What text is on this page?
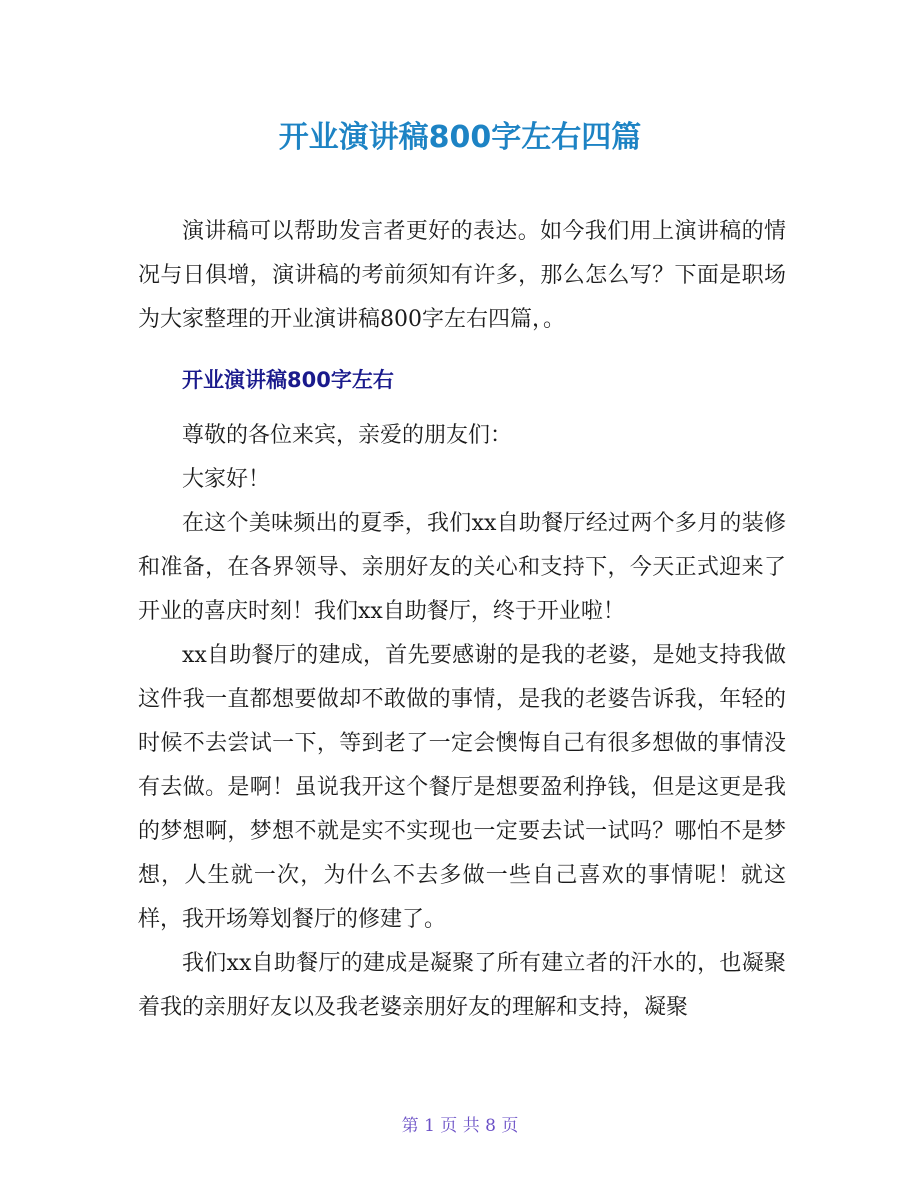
开业演讲稿800字左右四篇

演讲稿可以帮助发言者更好的表达。如今我们用上演讲稿的情况与日俱增，演讲稿的考前须知有许多，那么怎么写？下面是职场为大家整理的开业演讲稿800字左右四篇，。

开业演讲稿800字左右

尊敬的各位来宾，亲爱的朋友们：

大家好！

在这个美味频出的夏季，我们xx自助餐厅经过两个多月的装修和准备，在各界领导、亲朋好友的关心和支持下，今天正式迎来了开业的喜庆时刻！我们xx自助餐厅，终于开业啦！

xx自助餐厅的建成，首先要感谢的是我的老婆，是她支持我做这件我一直都想要做却不敢做的事情，是我的老婆告诉我，年轻的时候不去尝试一下，等到老了一定会懊悔自己有很多想做的事情没有去做。是啊！虽说我开这个餐厅是想要盈利挣钱，但是这更是我的梦想啊，梦想不就是实不实现也一定要去试一试吗？哪怕不是梦想，人生就一次，为什么不去多做一些自己喜欢的事情呢！就这样，我开场筹划餐厅的修建了。

我们xx自助餐厅的建成是凝聚了所有建立者的汗水的，也凝聚着我的亲朋好友以及我老婆亲朋好友的理解和支持，凝聚

第 1 页 共 8 页
